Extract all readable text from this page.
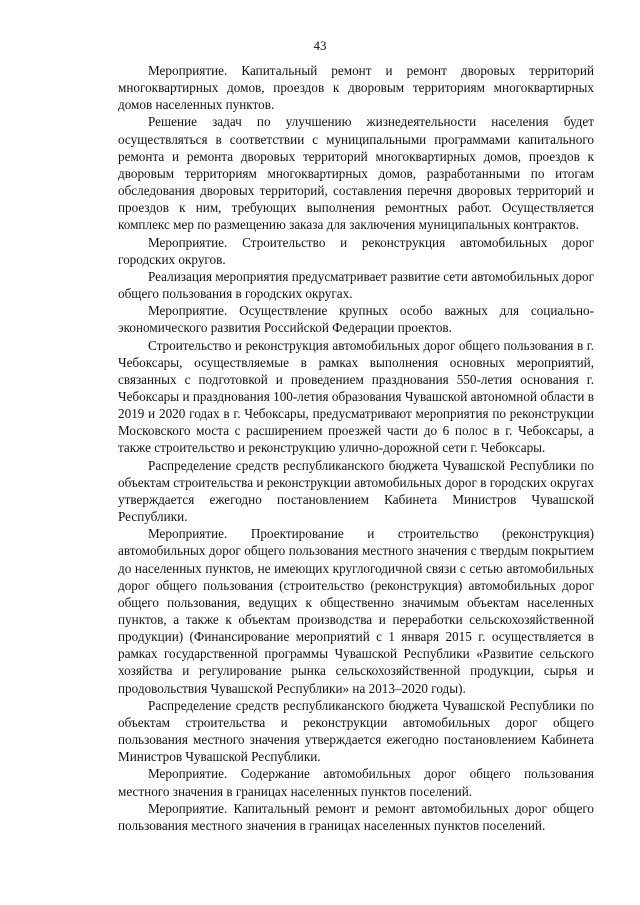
43

Мероприятие. Капитальный ремонт и ремонт дворовых территорий многоквартирных домов, проездов к дворовым территориям многоквартирных домов населенных пунктов.

Решение задач по улучшению жизнедеятельности населения будет осуществляться в соответствии с муниципальными программами капитального ремонта и ремонта дворовых территорий многоквартирных домов, проездов к дворовым территориям многоквартирных домов, разработанными по итогам обследования дворовых территорий, составления перечня дворовых территорий и проездов к ним, требующих выполнения ремонтных работ. Осуществляется комплекс мер по размещению заказа для заключения муниципальных контрактов.

Мероприятие. Строительство и реконструкция автомобильных дорог городских округов.

Реализация мероприятия предусматривает развитие сети автомобильных дорог общего пользования в городских округах.

Мероприятие. Осуществление крупных особо важных для социально-экономического развития Российской Федерации проектов.

Строительство и реконструкция автомобильных дорог общего пользования в г. Чебоксары, осуществляемые в рамках выполнения основных мероприятий, связанных с подготовкой и проведением празднования 550-летия основания г. Чебоксары и празднования 100-летия образования Чувашской автономной области в 2019 и 2020 годах в г. Чебоксары, предусматривают мероприятия по реконструкции Московского моста с расширением проезжей части до 6 полос в г. Чебоксары, а также строительство и реконструкцию улично-дорожной сети г. Чебоксары.

Распределение средств республиканского бюджета Чувашской Республики по объектам строительства и реконструкции автомобильных дорог в городских округах утверждается ежегодно постановлением Кабинета Министров Чувашской Республики.

Мероприятие. Проектирование и строительство (реконструкция) автомобильных дорог общего пользования местного значения с твердым покрытием до населенных пунктов, не имеющих круглогодичной связи с сетью автомобильных дорог общего пользования (строительство (реконструкция) автомобильных дорог общего пользования, ведущих к общественно значимым объектам населенных пунктов, а также к объектам производства и переработки сельскохозяйственной продукции) (Финансирование мероприятий с 1 января 2015 г. осуществляется в рамках государственной программы Чувашской Республики «Развитие сельского хозяйства и регулирование рынка сельскохозяйственной продукции, сырья и продовольствия Чувашской Республики» на 2013–2020 годы).

Распределение средств республиканского бюджета Чувашской Республики по объектам строительства и реконструкции автомобильных дорог общего пользования местного значения утверждается ежегодно постановлением Кабинета Министров Чувашской Республики.

Мероприятие. Содержание автомобильных дорог общего пользования местного значения в границах населенных пунктов поселений.

Мероприятие. Капитальный ремонт и ремонт автомобильных дорог общего пользования местного значения в границах населенных пунктов поселений.
